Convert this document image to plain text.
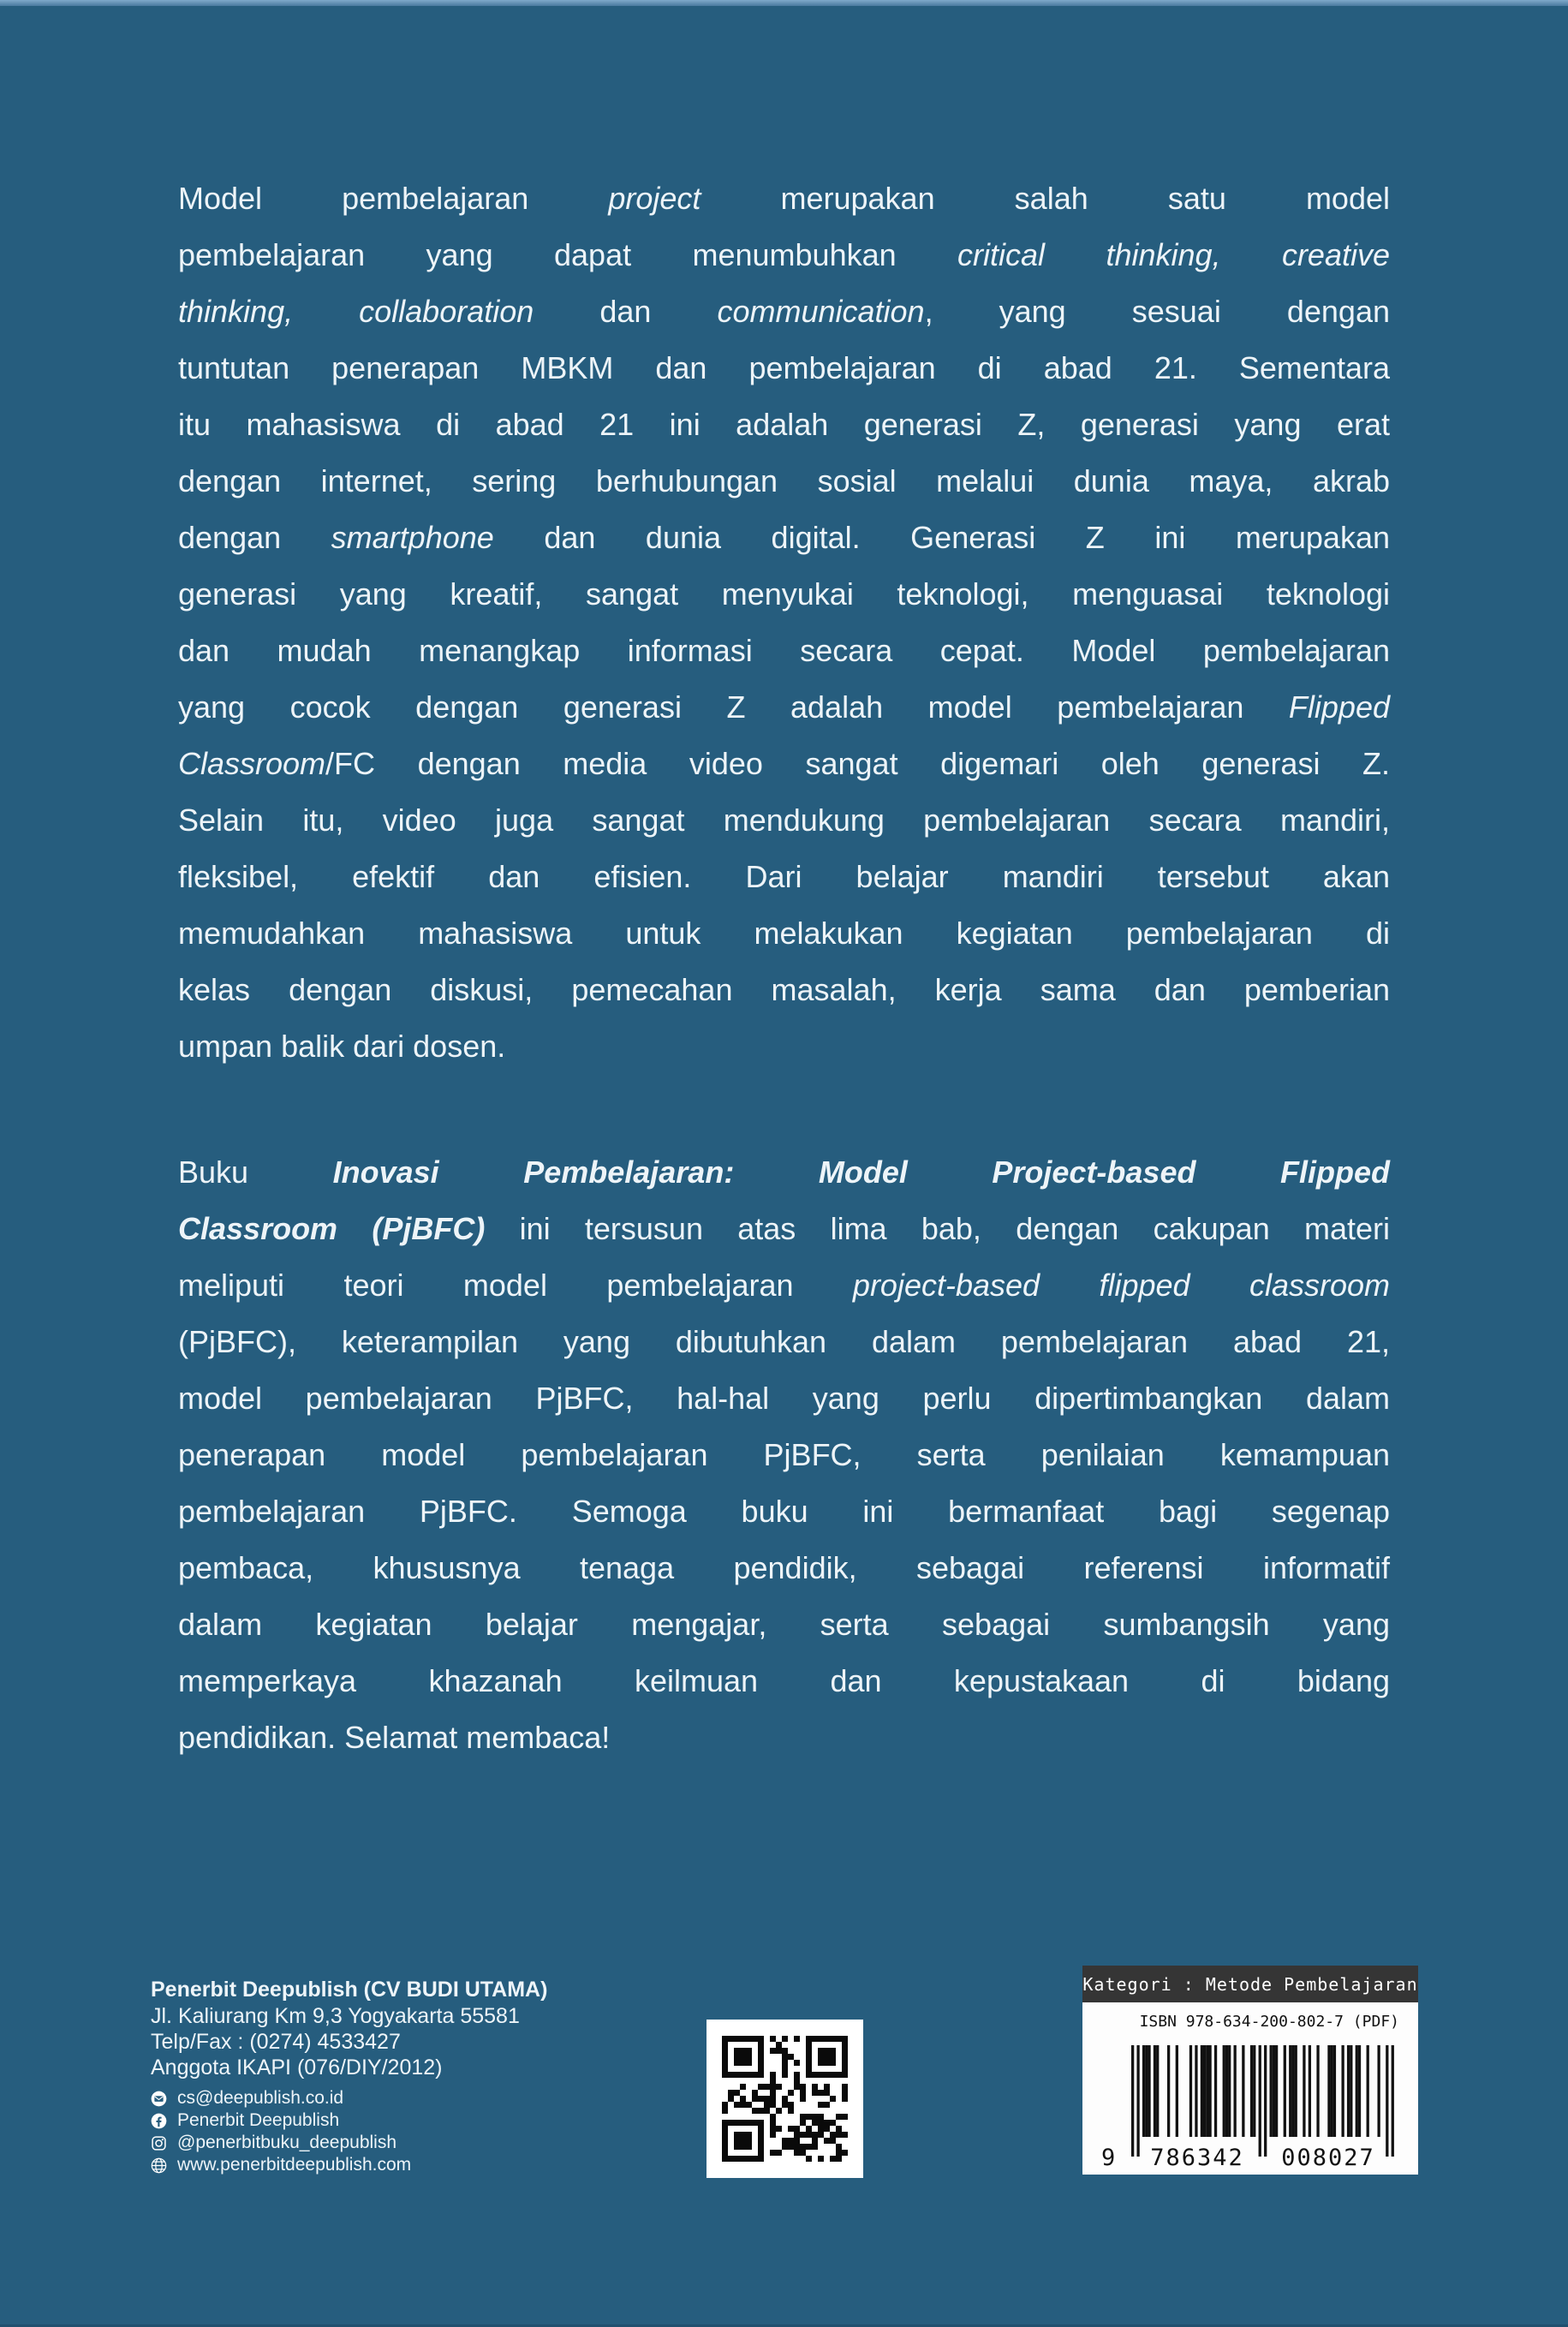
Model pembelajaran project merupakan salah satu model
pembelajaran yang dapat menumbuhkan critical thinking, creative
thinking, collaboration dan communication, yang sesuai dengan
tuntutan penerapan MBKM dan pembelajaran di abad 21. Sementara
itu mahasiswa di abad 21 ini adalah generasi Z, generasi yang erat
dengan internet, sering berhubungan sosial melalui dunia maya, akrab
dengan smartphone dan dunia digital. Generasi Z ini merupakan
generasi yang kreatif, sangat menyukai teknologi, menguasai teknologi
dan mudah menangkap informasi secara cepat. Model pembelajaran
yang cocok dengan generasi Z adalah model pembelajaran Flipped
Classroom/FC dengan media video sangat digemari oleh generasi Z.
Selain itu, video juga sangat mendukung pembelajaran secara mandiri,
fleksibel, efektif dan efisien. Dari belajar mandiri tersebut akan
memudahkan mahasiswa untuk melakukan kegiatan pembelajaran di
kelas dengan diskusi, pemecahan masalah, kerja sama dan pemberian
umpan balik dari dosen.
Buku Inovasi Pembelajaran: Model Project-based Flipped
Classroom (PjBFC) ini tersusun atas lima bab, dengan cakupan materi
meliputi teori model pembelajaran project-based flipped classroom
(PjBFC), keterampilan yang dibutuhkan dalam pembelajaran abad 21,
model pembelajaran PjBFC, hal-hal yang perlu dipertimbangkan dalam
penerapan model pembelajaran PjBFC, serta penilaian kemampuan
pembelajaran PjBFC. Semoga buku ini bermanfaat bagi segenap
pembaca, khususnya tenaga pendidik, sebagai referensi informatif
dalam kegiatan belajar mengajar, serta sebagai sumbangsih yang
memperkaya khazanah keilmuan dan kepustakaan di bidang
pendidikan. Selamat membaca!
Penerbit Deepublish (CV BUDI UTAMA)
Jl. Kaliurang Km 9,3 Yogyakarta 55581
Telp/Fax : (0274) 4533427
Anggota IKAPI (076/DIY/2012)
cs@deepublish.co.id
Penerbit Deepublish
@penerbitbuku_deepublish
www.penerbitdeepublish.com
Kategori : Metode Pembelajaran
9 786342 008027
ISBN 978-634-200-802-7 (PDF)
